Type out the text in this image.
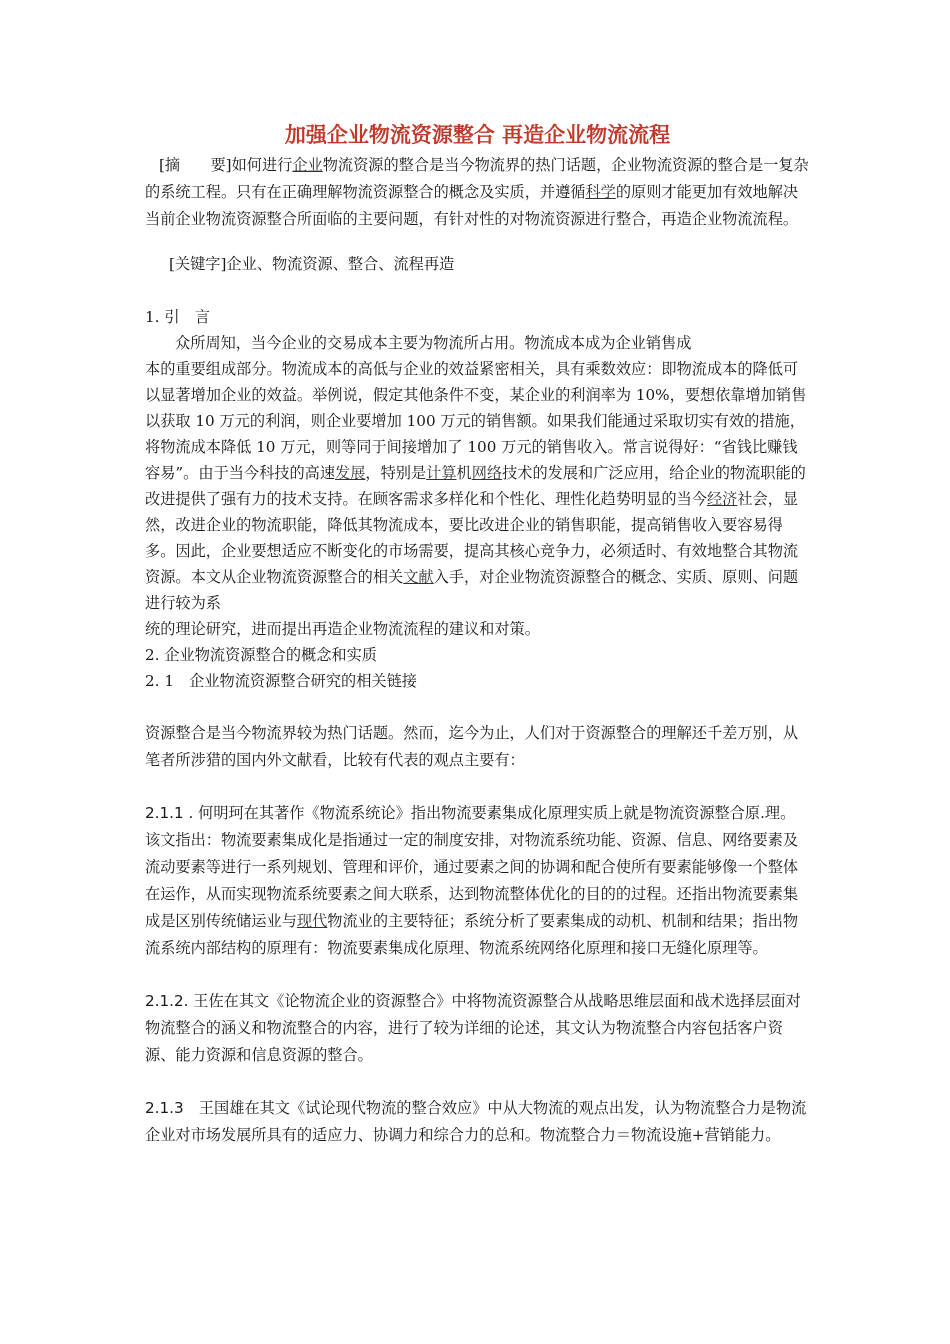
加强企业物流资源整合 再造企业物流流程

[摘　　要]如何进行企业物流资源的整合是当今物流界的热门话题，企业物流资源的整合是一复杂的系统工程。只有在正确理解物流资源整合的概念及实质，并遵循科学的原则才能更加有效地解决当前企业物流资源整合所面临的主要问题，有针对性的对物流资源进行整合，再造企业物流流程。

[关键字]企业、物流资源、整合、流程再造

1. 引　言

众所周知，当今企业的交易成本主要为物流所占用。物流成本成为企业销售成

本的重要组成部分。物流成本的高低与企业的效益紧密相关，具有乘数效应：即物流成本的降低可以显著增加企业的效益。举例说，假定其他条件不变，某企业的利润率为 10%，要想依靠增加销售以获取 10 万元的利润，则企业要增加 100 万元的销售额。如果我们能通过采取切实有效的措施，将物流成本降低 10 万元，则等同于间接增加了 100 万元的销售收入。常言说得好：“省钱比赚钱容易”。由于当今科技的高速发展，特别是计算机网络技术的发展和广泛应用，给企业的物流职能的改进提供了强有力的技术支持。在顾客需求多样化和个性化、理性化趋势明显的当今经济社会，显然，改进企业的物流职能，降低其物流成本，要比改进企业的销售职能，提高销售收入要容易得多。因此，企业要想适应不断变化的市场需要，提高其核心竞争力，必须适时、有效地整合其物流资源。本文从企业物流资源整合的相关文献入手，对企业物流资源整合的概念、实质、原则、问题进行较为系

统的理论研究，进而提出再造企业物流流程的建议和对策。

2. 企业物流资源整合的概念和实质

2. 1　企业物流资源整合研究的相关链接

资源整合是当今物流界较为热门话题。然而，迄今为止，人们对于资源整合的理解还千差万别，从笔者所涉猎的国内外文献看，比较有代表的观点主要有：

2.1.1 . 何明珂在其著作《物流系统论》指出物流要素集成化原理实质上就是物流资源整合原.理。该文指出：物流要素集成化是指通过一定的制度安排，对物流系统功能、资源、信息、网络要素及流动要素等进行一系列规划、管理和评价，通过要素之间的协调和配合使所有要素能够像一个整体在运作，从而实现物流系统要素之间大联系，达到物流整体优化的目的的过程。还指出物流要素集成是区别传统储运业与现代物流业的主要特征；系统分析了要素集成的动机、机制和结果；指出物流系统内部结构的原理有：物流要素集成化原理、物流系统网络化原理和接口无缝化原理等。

2.1.2. 王佐在其文《论物流企业的资源整合》中将物流资源整合从战略思维层面和战术选择层面对物流整合的涵义和物流整合的内容，进行了较为详细的论述，其文认为物流整合内容包括客户资源、能力资源和信息资源的整合。

2.1.3　王国雄在其文《试论现代物流的整合效应》中从大物流的观点出发，认为物流整合力是物流企业对市场发展所具有的适应力、协调力和综合力的总和。物流整合力＝物流设施+营销能力。
